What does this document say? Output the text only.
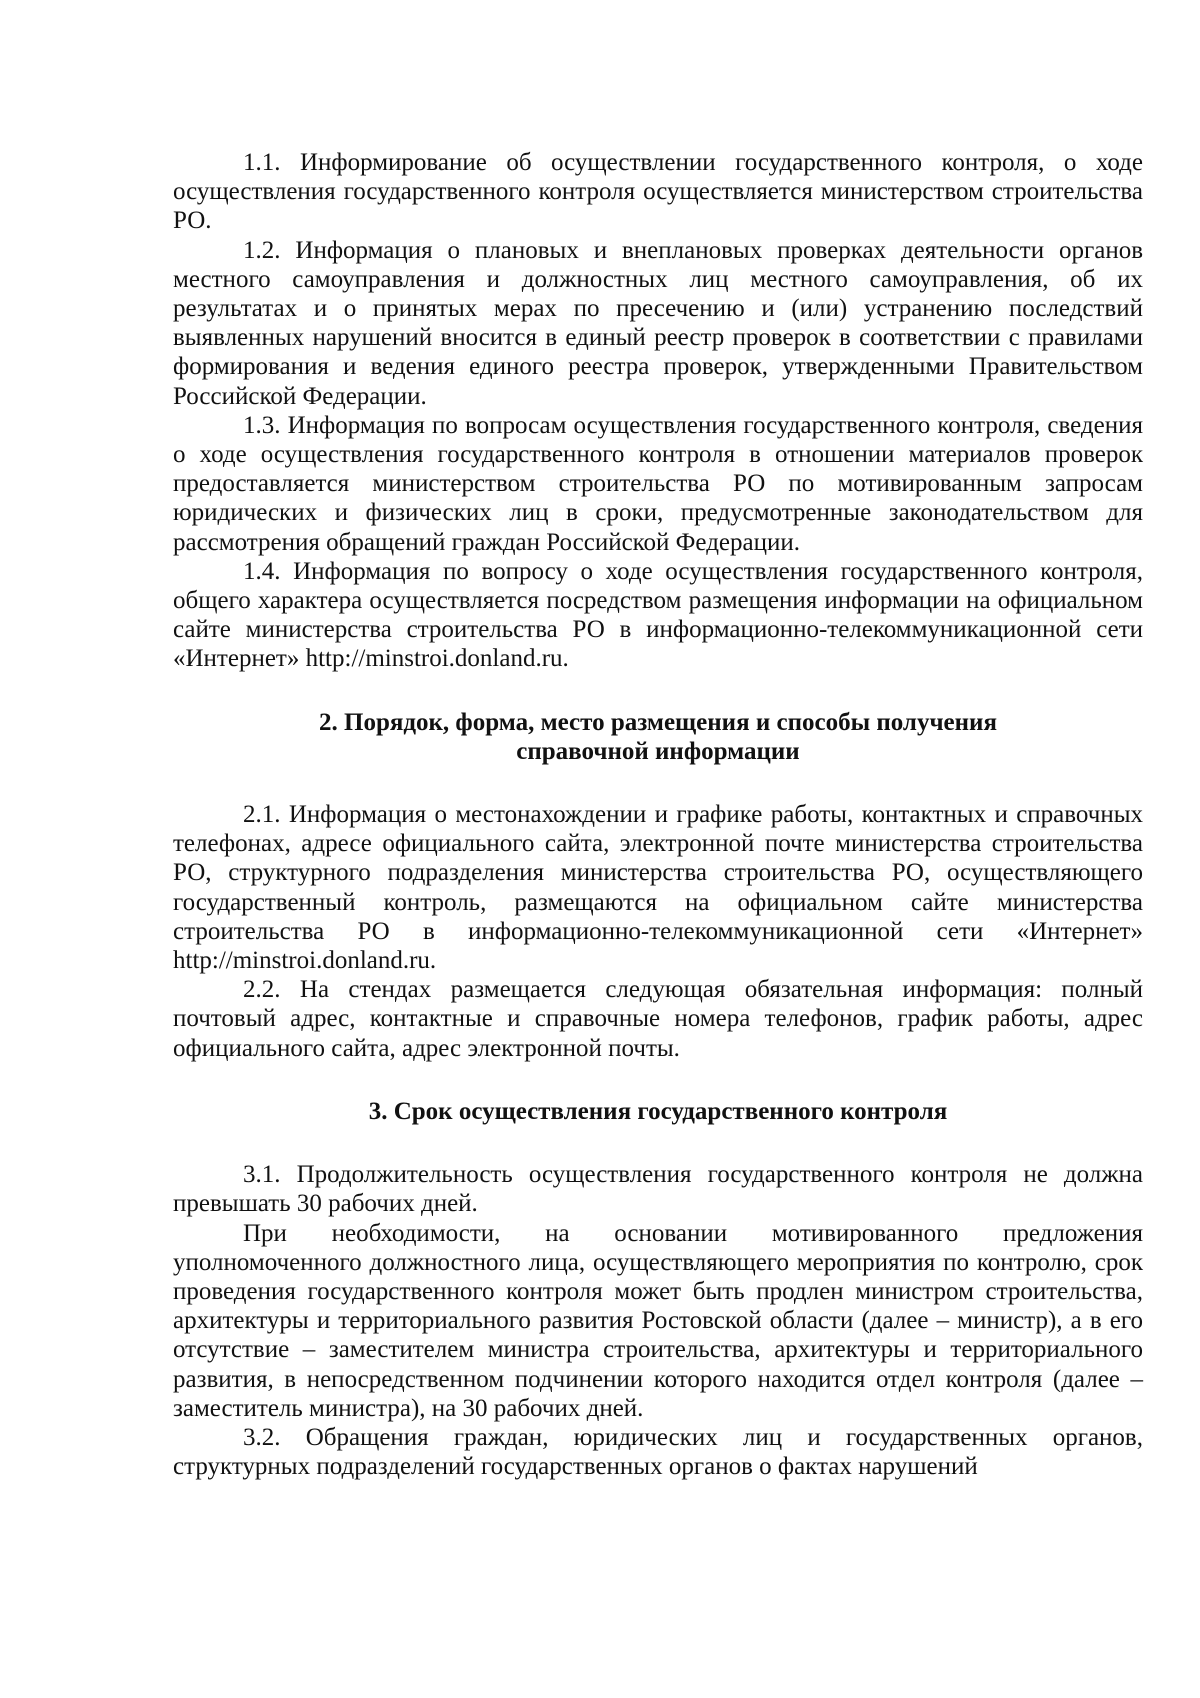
1.1. Информирование об осуществлении государственного контроля, о ходе осуществления государственного контроля осуществляется министерством строительства РО.

1.2. Информация о плановых и внеплановых проверках деятельности органов местного самоуправления и должностных лиц местного самоуправления, об их результатах и о принятых мерах по пресечению и (или) устранению последствий выявленных нарушений вносится в единый реестр проверок в соответствии с правилами формирования и ведения единого реестра проверок, утвержденными Правительством Российской Федерации.

1.3. Информация по вопросам осуществления государственного контроля, сведения о ходе осуществления государственного контроля в отношении материалов проверок предоставляется министерством строительства РО по мотивированным запросам юридических и физических лиц в сроки, предусмотренные законодательством для рассмотрения обращений граждан Российской Федерации.

1.4. Информация по вопросу о ходе осуществления государственного контроля, общего характера осуществляется посредством размещения информации на официальном сайте министерства строительства РО в информационно-телекоммуникационной сети «Интернет» http://minstroi.donland.ru.

2. Порядок, форма, место размещения и способы получения

справочной информации

2.1. Информация о местонахождении и графике работы, контактных и справочных телефонах, адресе официального сайта, электронной почте министерства строительства РО, структурного подразделения министерства строительства РО, осуществляющего государственный контроль, размещаются на официальном сайте министерства строительства РО в информационно-телекоммуникационной сети «Интернет» http://minstroi.donland.ru.

2.2. На стендах размещается следующая обязательная информация: полный почтовый адрес, контактные и справочные номера телефонов, график работы, адрес официального сайта, адрес электронной почты.

3. Срок осуществления государственного контроля

3.1. Продолжительность осуществления государственного контроля не должна превышать 30 рабочих дней.

При необходимости, на основании мотивированного предложения уполномоченного должностного лица, осуществляющего мероприятия по контролю, срок проведения государственного контроля может быть продлен министром строительства, архитектуры и территориального развития Ростовской области (далее – министр), а в его отсутствие – заместителем министра строительства, архитектуры и территориального развития, в непосредственном подчинении которого находится отдел контроля (далее – заместитель министра), на 30 рабочих дней.

3.2. Обращения граждан, юридических лиц и государственных органов, структурных подразделений государственных органов о фактах нарушений
